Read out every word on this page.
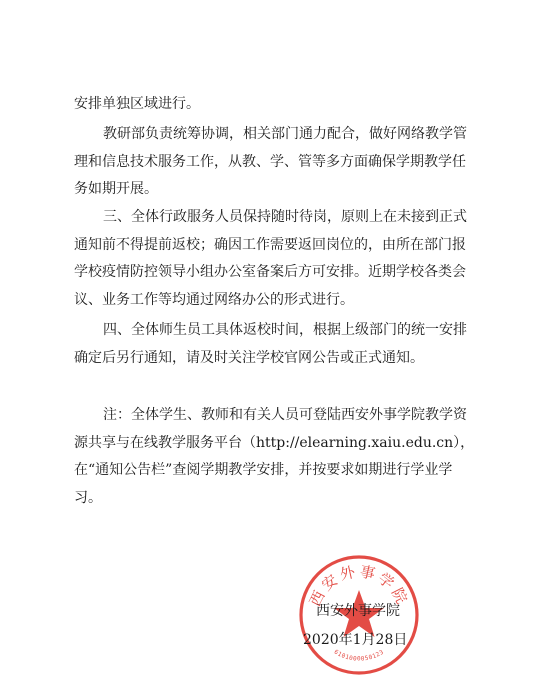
安排单独区域进行。
教研部负责统筹协调，相关部门通力配合，做好网络教学管
理和信息技术服务工作，从教、学、管等多方面确保学期教学任
务如期开展。
三、全体行政服务人员保持随时待岗，原则上在未接到正式
通知前不得提前返校；确因工作需要返回岗位的，由所在部门报
学校疫情防控领导小组办公室备案后方可安排。近期学校各类会
议、业务工作等均通过网络办公的形式进行。
四、全体师生员工具体返校时间，根据上级部门的统一安排
确定后另行通知，请及时关注学校官网公告或正式通知。
注：全体学生、教师和有关人员可登陆西安外事学院教学资
源共享与在线教学服务平台（http://elearning.xaiu.edu.cn），
在“通知公告栏”查阅学期教学安排，并按要求如期进行学业学
习。
西安外事学院
6101000050123
西安外事学院
2020年1月28日
